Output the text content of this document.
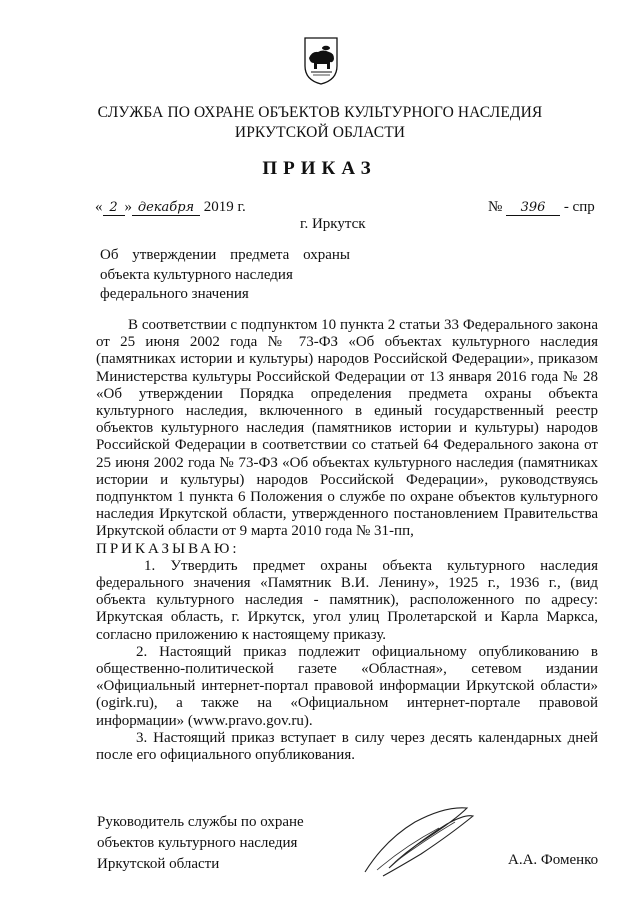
СЛУЖБА ПО ОХРАНЕ ОБЪЕКТОВ КУЛЬТУРНОГО НАСЛЕДИЯ ИРКУТСКОЙ ОБЛАСТИ
ПРИКАЗ
« 2 » декабря 2019 г.	№ 396 - спр
г. Иркутск
Об утверждении предмета охраны
объекта культурного наследия
федерального значения

В соответствии с подпунктом 10 пункта 2 статьи 33 Федерального закона от 25 июня 2002 года № 73-ФЗ «Об объектах культурного наследия (памятниках истории и культуры) народов Российской Федерации», приказом Министерства культуры Российской Федерации от 13 января 2016 года № 28 «Об утверждении Порядка определения предмета охраны объекта культурного наследия, включенного в единый государственный реестр объектов культурного наследия (памятников истории и культуры) народов Российской Федерации в соответствии со статьей 64 Федерального закона от 25 июня 2002 года № 73-ФЗ «Об объектах культурного наследия (памятниках истории и культуры) народов Российской Федерации», руководствуясь подпунктом 1 пункта 6 Положения о службе по охране объектов культурного наследия Иркутской области, утвержденного постановлением Правительства Иркутской области от 9 марта 2010 года № 31-пп,

ПРИКАЗЫВАЮ:

1. Утвердить предмет охраны объекта культурного наследия федерального значения «Памятник В.И. Ленину», 1925 г., 1936 г., (вид объекта культурного наследия - памятник), расположенного по адресу: Иркутская область, г. Иркутск, угол улиц Пролетарской и Карла Маркса, согласно приложению к настоящему приказу.

2. Настоящий приказ подлежит официальному опубликованию в общественно-политической газете «Областная», сетевом издании «Официальный интернет-портал правовой информации Иркутской области» (ogirk.ru), а также на «Официальном интернет-портале правовой информации» (www.pravo.gov.ru).

3. Настоящий приказ вступает в силу через десять календарных дней после его официального опубликования.

Руководитель службы по охране
объектов культурного наследия
Иркутской области	А.А. Фоменко
